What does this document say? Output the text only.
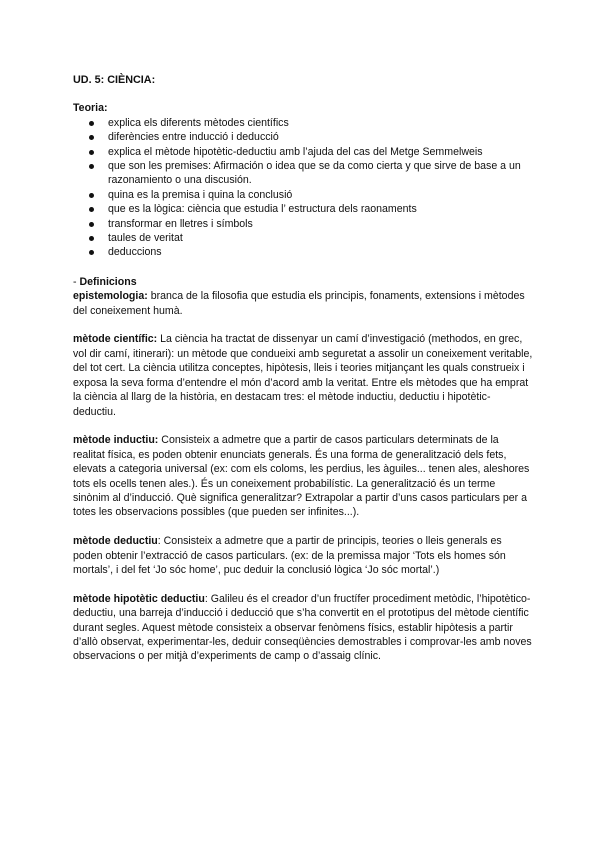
UD. 5: CIÈNCIA:
Teoria:
explica els diferents mètodes científics
diferències entre inducció i deducció
explica el mètode hipotètic-deductiu amb l’ajuda del cas del Metge Semmelweis
que son les premises: Afirmación o idea que se da como cierta y que sirve de base a un razonamiento o una discusión.
quina es la premisa i quina la conclusió
que es la lògica: ciència que estudia l’ estructura dels raonaments
transformar en lletres i símbols
taules de veritat
deduccions
- Definicions

epistemologia: branca de la filosofia que estudia els principis, fonaments, extensions i mètodes del coneixement humà.

mètode científic: La ciència ha tractat de dissenyar un camí d’investigació (methodos, en grec, vol dir camí, itinerari): un mètode que condueixi amb seguretat a assolir un coneixement veritable, del tot cert. La ciència utilitza conceptes, hipòtesis, lleis i teories mitjançant les quals construeix i exposa la seva forma d’entendre el món d’acord amb la veritat. Entre els mètodes que ha emprat la ciència al llarg de la història, en destacam tres: el mètode inductiu, deductiu i hipotètic-deductiu.

mètode inductiu: Consisteix a admetre que a partir de casos particulars determinats de la realitat física, es poden obtenir enunciats generals. És una forma de generalització dels fets, elevats a categoria universal (ex: com els coloms, les perdius, les àguiles... tenen ales, aleshores tots els ocells tenen ales.). És un coneixement probabilístic. La generalització és un terme sinònim al d’inducció. Què significa generalitzar? Extrapolar a partir d’uns casos particulars per a totes les observacions possibles (que pueden ser infinites...).

mètode deductiu: Consisteix a admetre que a partir de principis, teories o lleis generals es poden obtenir l’extracció de casos particulars. (ex: de la premissa major ‘Tots els homes són mortals’, i del fet ‘Jo sóc home’, puc deduir la conclusió lògica ‘Jo sóc mortal’.)

mètode hipotètic deductiu: Galileu és el creador d’un fructífer procediment metòdic, l’hipotètico-deductiu, una barreja d’inducció i deducció que s’ha convertit en el prototipus del mètode científic durant segles. Aquest mètode consisteix a observar fenòmens físics, establir hipòtesis a partir d’allò observat, experimentar-les, deduir conseqüències demostrables i comprovar-les amb noves observacions o per mitjà d’experiments de camp o d’assaig clínic.
